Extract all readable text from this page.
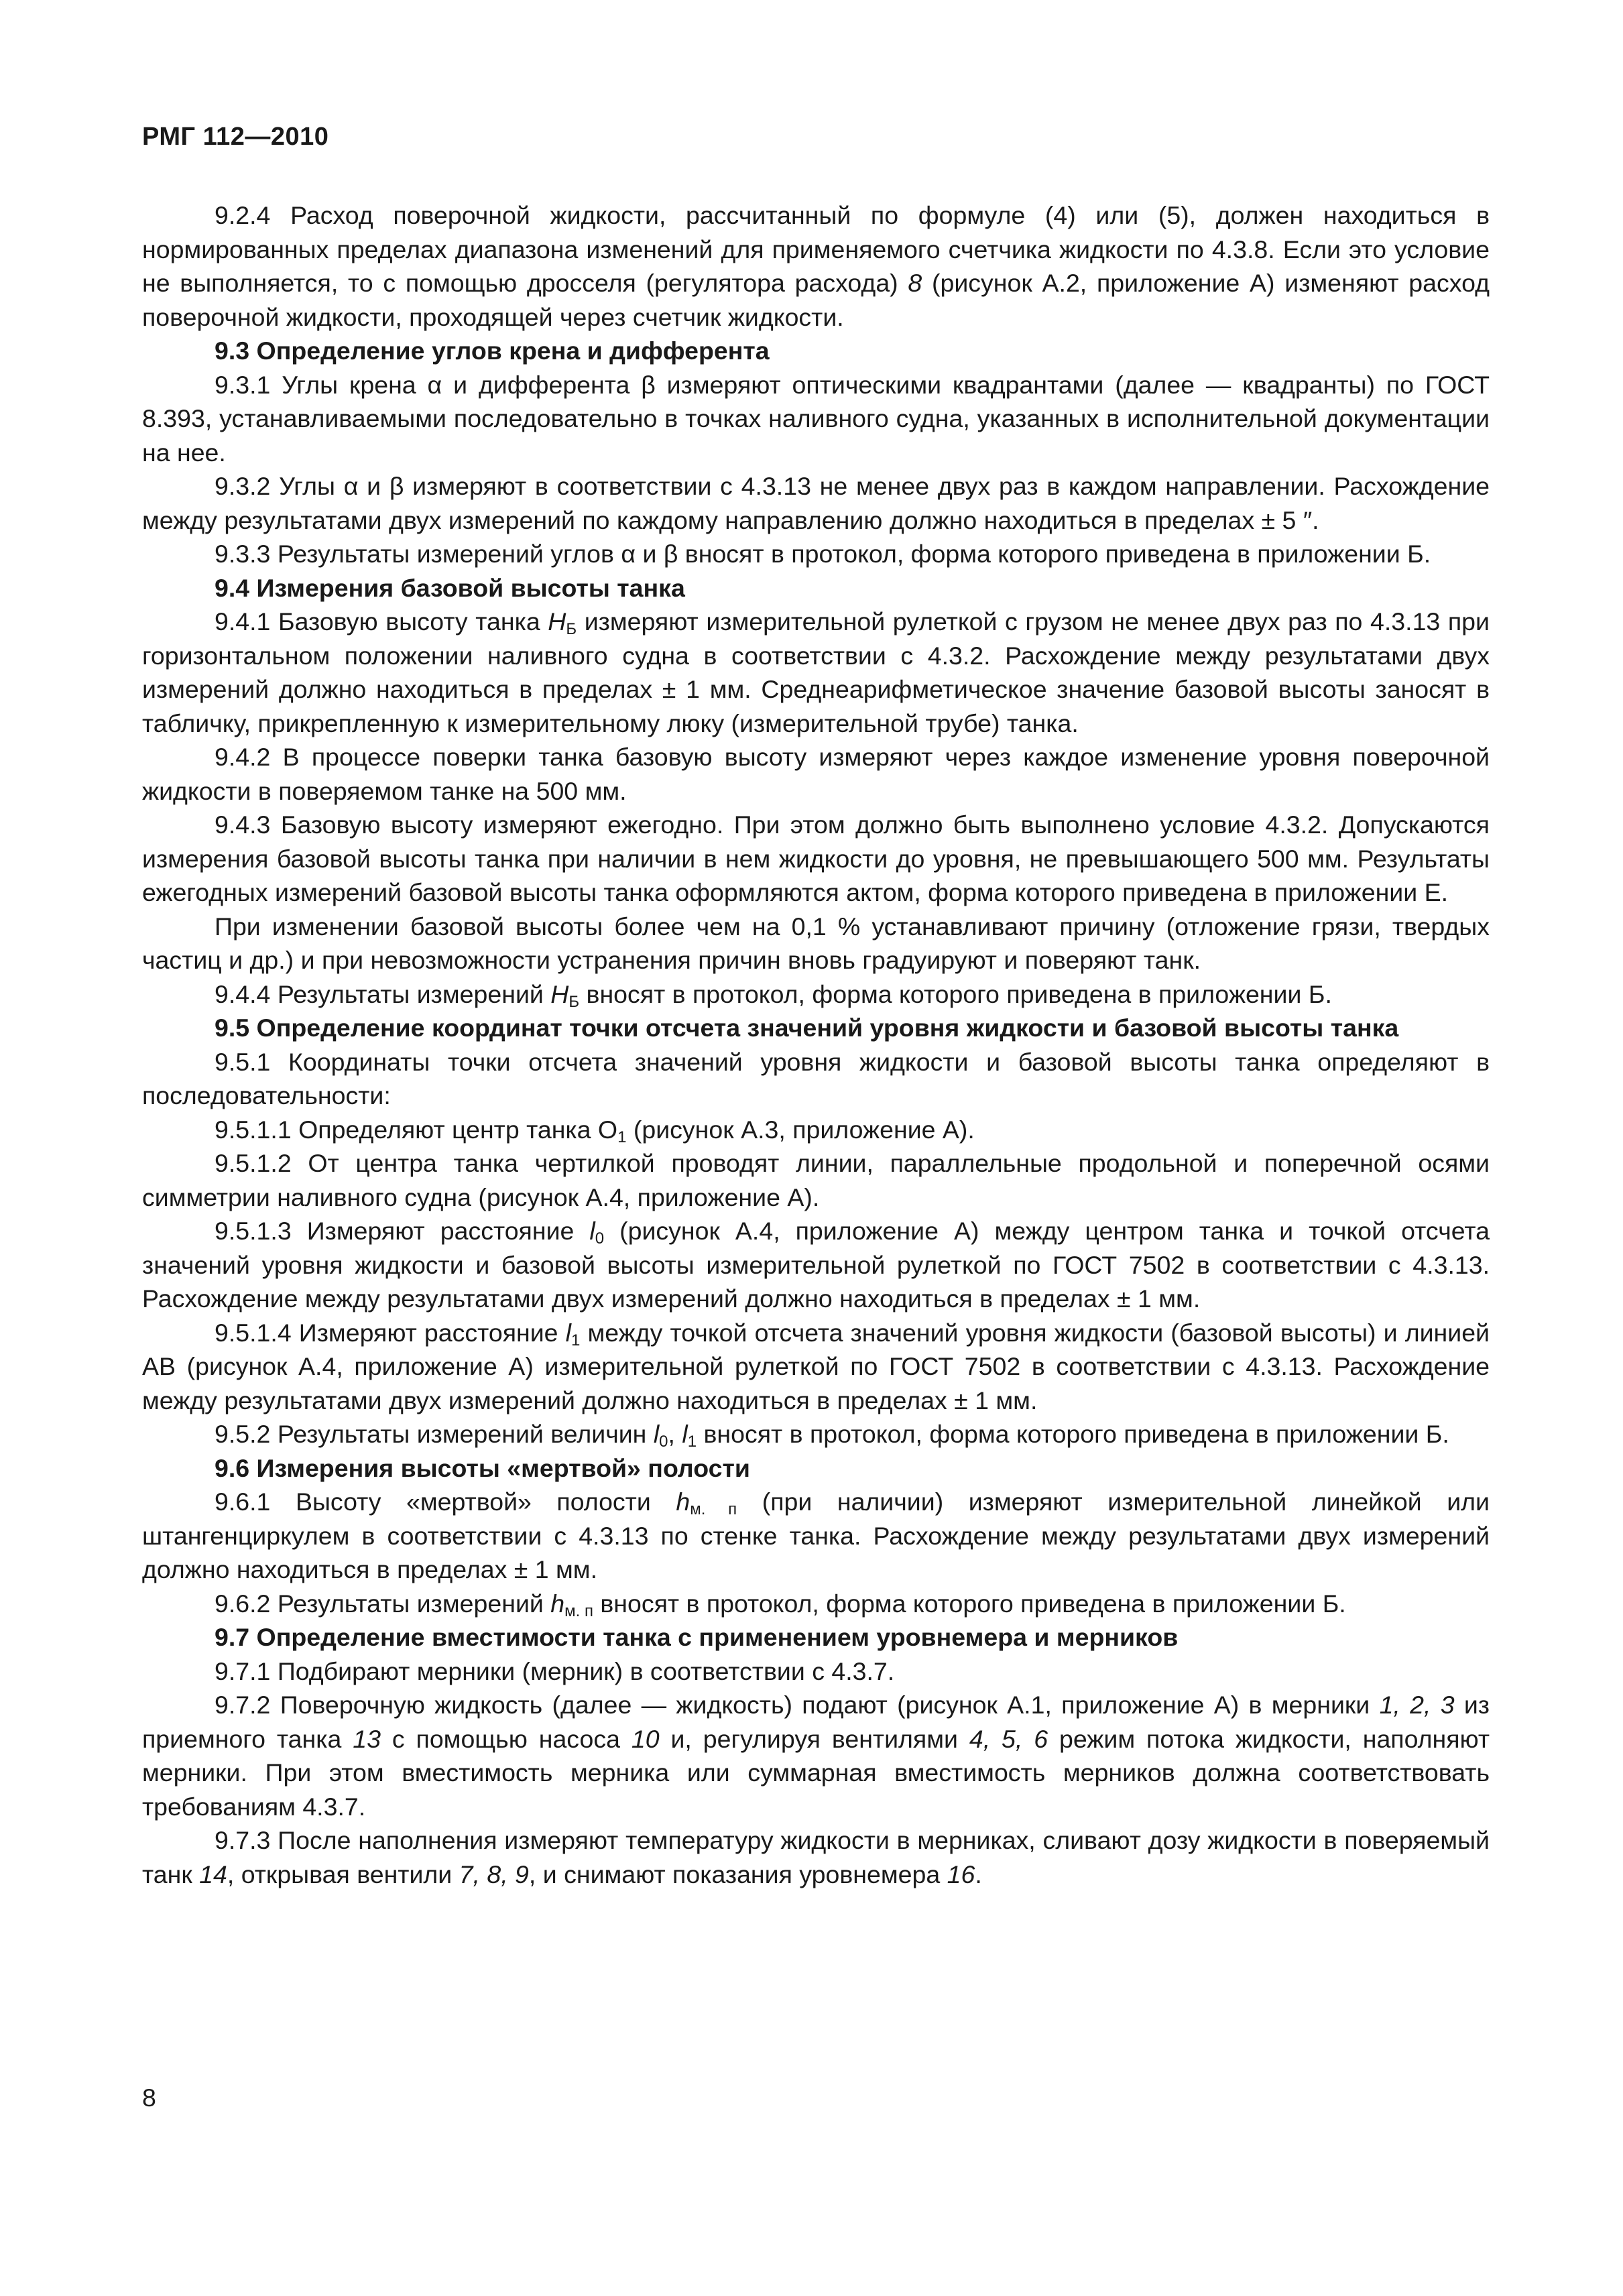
РМГ 112—2010

9.2.4 Расход поверочной жидкости, рассчитанный по формуле (4) или (5), должен находиться в нормированных пределах диапазона изменений для применяемого счетчика жидкости по 4.3.8. Если это условие не выполняется, то с помощью дросселя (регулятора расхода) 8 (рисунок А.2, приложение А) изменяют расход поверочной жидкости, проходящей через счетчик жидкости.

9.3 Определение углов крена и дифферента

9.3.1 Углы крена α и дифферента β измеряют оптическими квадрантами (далее — квадранты) по ГОСТ 8.393, устанавливаемыми последовательно в точках наливного судна, указанных в исполнительной документации на нее.

9.3.2 Углы α и β измеряют в соответствии с 4.3.13 не менее двух раз в каждом направлении. Расхождение между результатами двух измерений по каждому направлению должно находиться в пределах ± 5 ″.

9.3.3 Результаты измерений углов α и β вносят в протокол, форма которого приведена в приложении Б.

9.4 Измерения базовой высоты танка

9.4.1 Базовую высоту танка $H_Б$ измеряют измерительной рулеткой с грузом не менее двух раз по 4.3.13 при горизонтальном положении наливного судна в соответствии с 4.3.2. Расхождение между результатами двух измерений должно находиться в пределах ± 1 мм. Среднеарифметическое значение базовой высоты заносят в табличку, прикрепленную к измерительному люку (измерительной трубе) танка.

9.4.2 В процессе поверки танка базовую высоту измеряют через каждое изменение уровня поверочной жидкости в поверяемом танке на 500 мм.

9.4.3 Базовую высоту измеряют ежегодно. При этом должно быть выполнено условие 4.3.2. Допускаются измерения базовой высоты танка при наличии в нем жидкости до уровня, не превышающего 500 мм. Результаты ежегодных измерений базовой высоты танка оформляются актом, форма которого приведена в приложении Е.

При изменении базовой высоты более чем на 0,1 % устанавливают причину (отложение грязи, твердых частиц и др.) и при невозможности устранения причин вновь градуируют и поверяют танк.

9.4.4 Результаты измерений $H_Б$ вносят в протокол, форма которого приведена в приложении Б.

9.5 Определение координат точки отсчета значений уровня жидкости и базовой высоты танка

9.5.1 Координаты точки отсчета значений уровня жидкости и базовой высоты танка определяют в последовательности:

9.5.1.1 Определяют центр танка $O_1$ (рисунок А.3, приложение А).

9.5.1.2 От центра танка чертилкой проводят линии, параллельные продольной и поперечной осями симметрии наливного судна (рисунок А.4, приложение А).

9.5.1.3 Измеряют расстояние $l_0$ (рисунок А.4, приложение А) между центром танка и точкой отсчета значений уровня жидкости и базовой высоты измерительной рулеткой по ГОСТ 7502 в соответствии с 4.3.13. Расхождение между результатами двух измерений должно находиться в пределах ± 1 мм.

9.5.1.4 Измеряют расстояние $l_1$ между точкой отсчета значений уровня жидкости (базовой высоты) и линией АВ (рисунок А.4, приложение А) измерительной рулеткой по ГОСТ 7502 в соответствии с 4.3.13. Расхождение между результатами двух измерений должно находиться в пределах ± 1 мм.

9.5.2 Результаты измерений величин $l_0$, $l_1$ вносят в протокол, форма которого приведена в приложении Б.

9.6 Измерения высоты «мертвой» полости

9.6.1 Высоту «мертвой» полости $h_{м. п}$ (при наличии) измеряют измерительной линейкой или штангенциркулем в соответствии с 4.3.13 по стенке танка. Расхождение между результатами двух измерений должно находиться в пределах ± 1 мм.

9.6.2 Результаты измерений $h_{м. п}$ вносят в протокол, форма которого приведена в приложении Б.

9.7 Определение вместимости танка с применением уровнемера и мерников

9.7.1 Подбирают мерники (мерник) в соответствии с 4.3.7.

9.7.2 Поверочную жидкость (далее — жидкость) подают (рисунок А.1, приложение А) в мерники 1, 2, 3 из приемного танка 13 с помощью насоса 10 и, регулируя вентилями 4, 5, 6 режим потока жидкости, наполняют мерники. При этом вместимость мерника или суммарная вместимость мерников должна соответствовать требованиям 4.3.7.

9.7.3 После наполнения измеряют температуру жидкости в мерниках, сливают дозу жидкости в поверяемый танк 14, открывая вентили 7, 8, 9, и снимают показания уровнемера 16.

8
